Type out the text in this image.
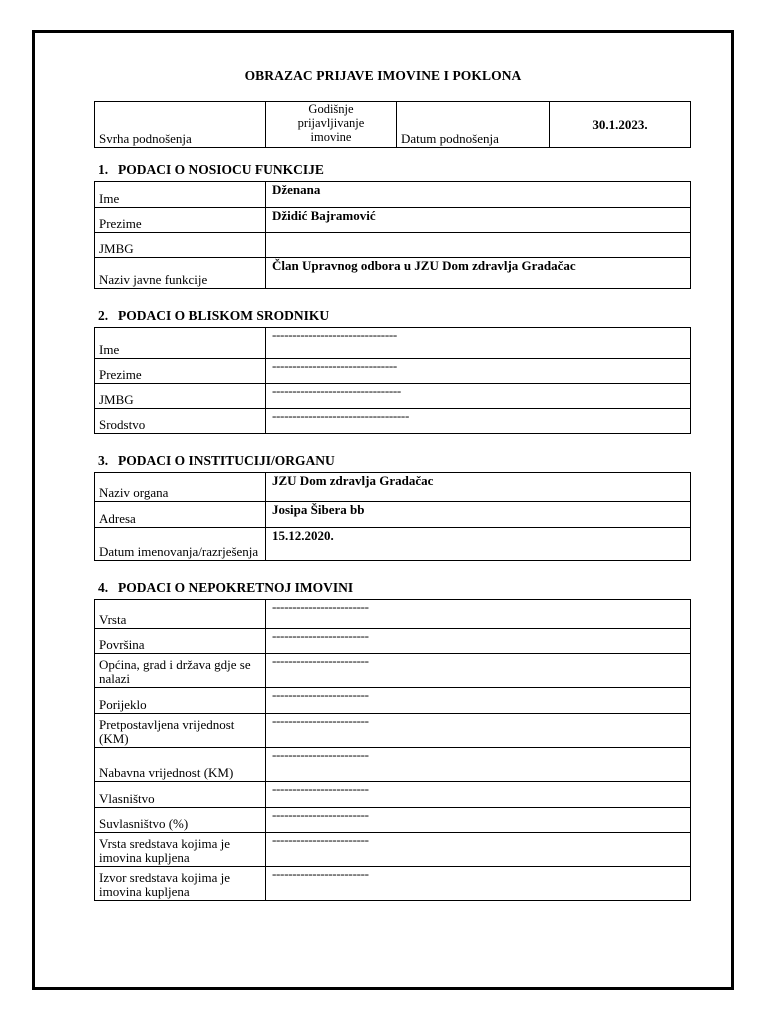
OBRAZAC PRIJAVE IMOVINE I POKLONA
Svrha podnošenja	Godišnje prijavljivanje imovine	Datum podnošenja	30.1.2023.
1. PODACI O NOSIOCU FUNKCIJE
Ime	Dženana
Prezime	Džidić Bajramović
JMBG	
Naziv javne funkcije	Član Upravnog odbora u JZU Dom zdravlja Gradačac
2. PODACI O BLISKOM SRODNIKU
Ime	-------------------------------
Prezime	-------------------------------
JMBG	--------------------------------
Srodstvo	----------------------------------
3. PODACI O INSTITUCIJI/ORGANU
Naziv organa	JZU Dom zdravlja Gradačac
Adresa	Josipa Šibera bb
Datum imenovanja/razrješenja	15.12.2020.
4. PODACI O NEPOKRETNOJ IMOVINI
Vrsta	------------------------
Površina	------------------------
Općina, grad i država gdje se nalazi	------------------------
Porijeklo	------------------------
Pretpostavljena vrijednost (KM)	------------------------
Nabavna vrijednost (KM)	------------------------
Vlasništvo	------------------------
Suvlasništvo (%)	------------------------
Vrsta sredstava kojima je imovina kupljena	------------------------
Izvor sredstava kojima je imovina kupljena	------------------------
